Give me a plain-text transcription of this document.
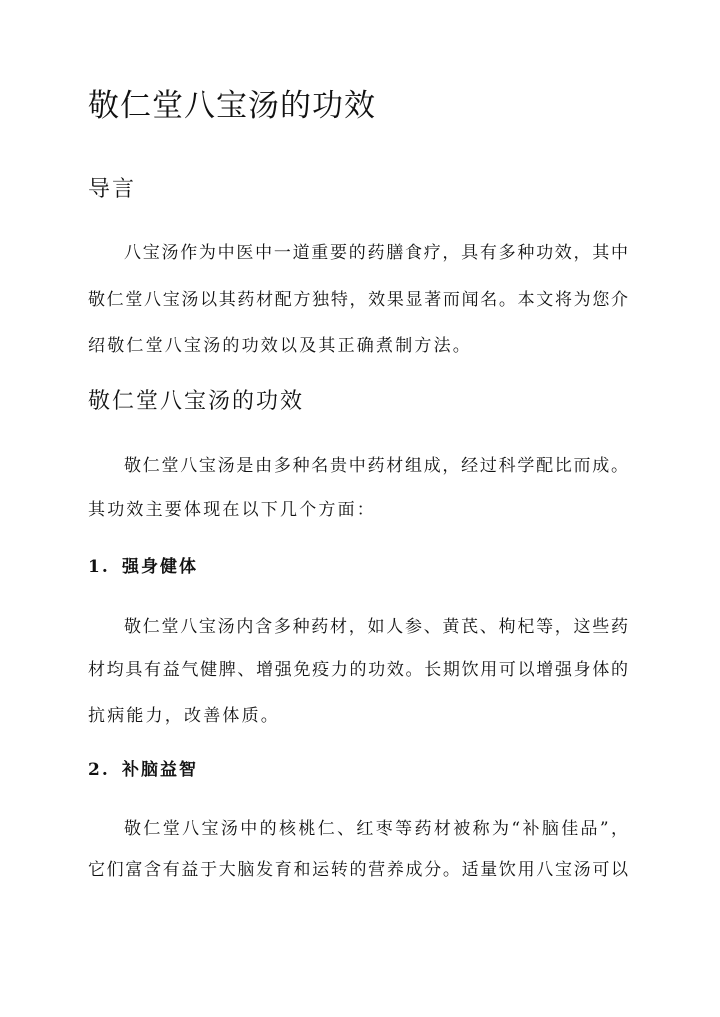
敬仁堂八宝汤的功效
导言

八宝汤作为中医中一道重要的药膳食疗，具有多种功效，其中

敬仁堂八宝汤以其药材配方独特，效果显著而闻名。本文将为您介

绍敬仁堂八宝汤的功效以及其正确煮制方法。

敬仁堂八宝汤的功效

敬仁堂八宝汤是由多种名贵中药材组成，经过科学配比而成。

其功效主要体现在以下几个方面：

1. 强身健体

敬仁堂八宝汤内含多种药材，如人参、黄芪、枸杞等，这些药

材均具有益气健脾、增强免疫力的功效。长期饮用可以增强身体的

抗病能力，改善体质。

2. 补脑益智

敬仁堂八宝汤中的核桃仁、红枣等药材被称为“补脑佳品”，

它们富含有益于大脑发育和运转的营养成分。适量饮用八宝汤可以
